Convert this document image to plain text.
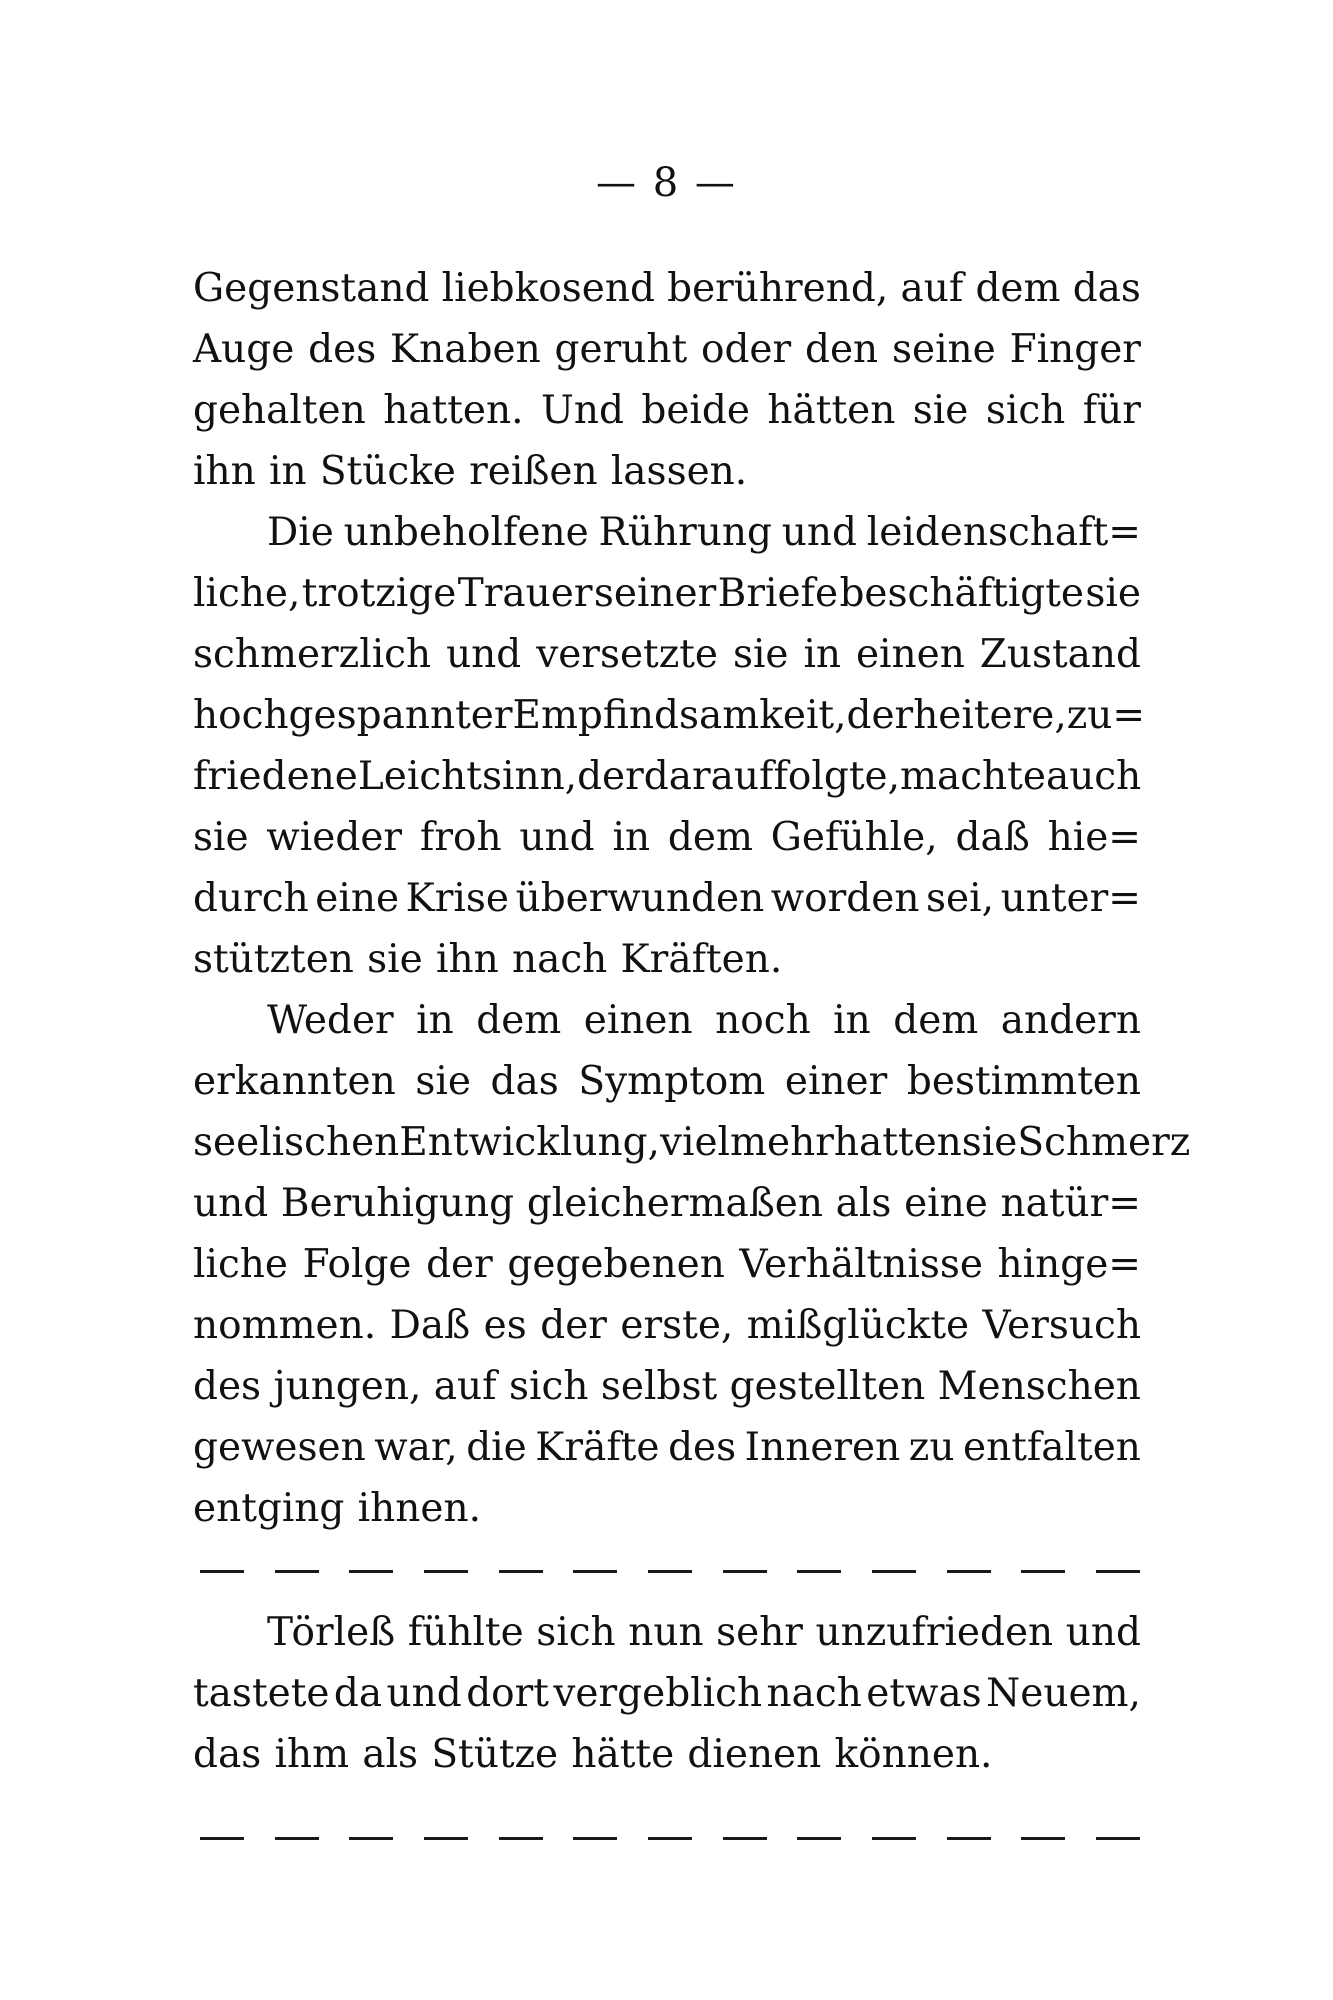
— 8 —
Gegenstand liebkosend berührend, auf dem das
Auge des Knaben geruht oder den seine Finger
gehalten hatten. Und beide hätten sie sich für
ihn in Stücke reißen lassen.
Die unbeholfene Rührung und leidenschaft=
liche, trotzige Trauer seiner Briefe beschäftigte sie
schmerzlich und versetzte sie in einen Zustand
hochgespannter Empfindsamkeit, der heitere, zu=
friedene Leichtsinn, der darauf folgte, machte auch
sie wieder froh und in dem Gefühle, daß hie=
durch eine Krise überwunden worden sei, unter=
stützten sie ihn nach Kräften.
Weder in dem einen noch in dem andern
erkannten sie das Symptom einer bestimmten
seelischen Entwicklung, vielmehr hatten sie Schmerz
und Beruhigung gleichermaßen als eine natür=
liche Folge der gegebenen Verhältnisse hinge=
nommen. Daß es der erste, mißglückte Versuch
des jungen, auf sich selbst gestellten Menschen
gewesen war, die Kräfte des Inneren zu entfalten
entging ihnen.
Törleß fühlte sich nun sehr unzufrieden und
tastete da und dort vergeblich nach etwas Neuem,
das ihm als Stütze hätte dienen können.
